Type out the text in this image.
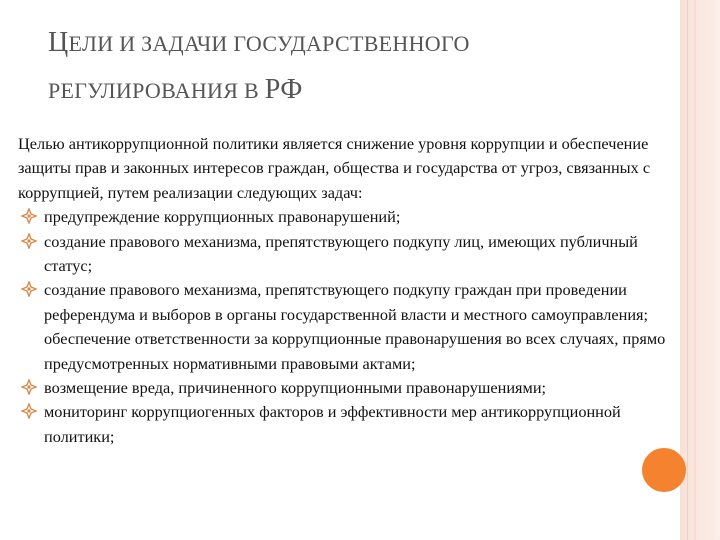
ЦЕЛИ И ЗАДАЧИ ГОСУДАРСТВЕННОГО
РЕГУЛИРОВАНИЯ В РФ

Целью антикоррупционной политики является снижение уровня коррупции и обеспечение защиты прав и законных интересов граждан, общества и государства от угроз, связанных с коррупцией, путем реализации следующих задач:

предупреждение коррупционных правонарушений;
создание правового механизма, препятствующего подкупу лиц, имеющих публичный статус;
создание правового механизма, препятствующего подкупу граждан при проведении референдума и выборов в органы государственной власти и местного самоуправления; обеспечение ответственности за коррупционные правонарушения во всех случаях, прямо предусмотренных нормативными правовыми актами;
возмещение вреда, причиненного коррупционными правонарушениями;
мониторинг коррупциогенных факторов и эффективности мер антикоррупционной политики;
